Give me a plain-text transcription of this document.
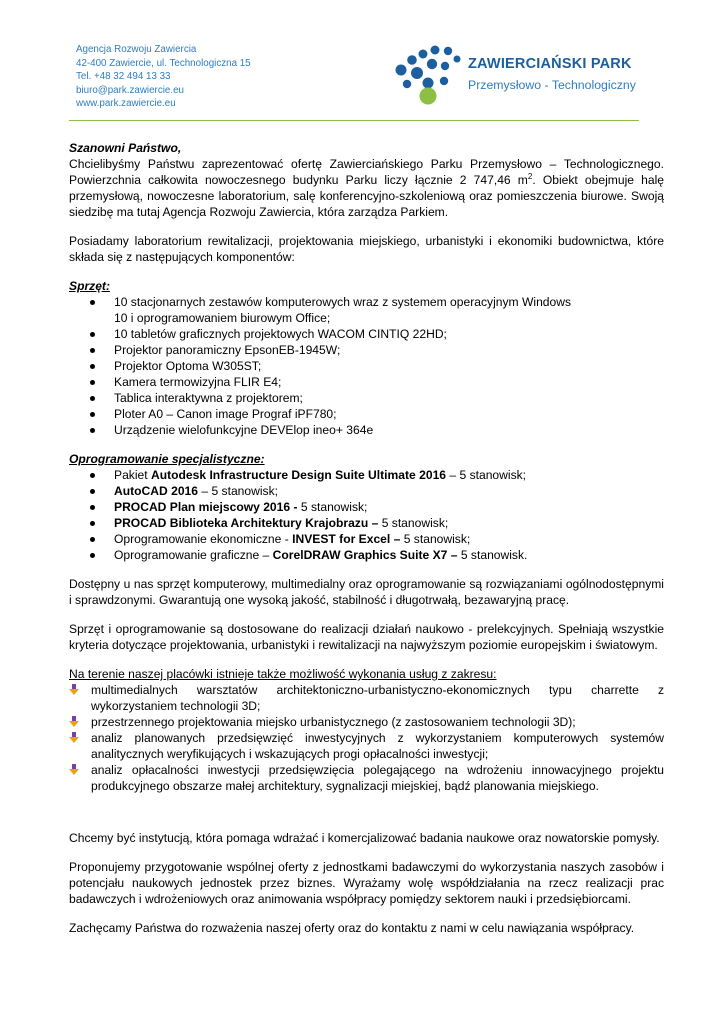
Agencja Rozwoju Zawiercia
42-400 Zawiercie, ul. Technologiczna 15
Tel. +48 32 494 13 33
biuro@park.zawiercie.eu
www.park.zawiercie.eu
ZAWIERCIAŃSKI PARK
Przemysłowo - Technologiczny

Szanowni Państwo,

Chcielibyśmy Państwu zaprezentować ofertę Zawierciańskiego Parku Przemysłowo – Technologicznego. Powierzchnia całkowita nowoczesnego budynku Parku liczy łącznie 2 747,46 $m^2$. Obiekt obejmuje halę przemysłową, nowoczesne laboratorium, salę konferencyjno-szkoleniową oraz pomieszczenia biurowe. Swoją siedzibę ma tutaj Agencja Rozwoju Zawiercia, która zarządza Parkiem.

Posiadamy laboratorium rewitalizacji, projektowania miejskiego, urbanistyki i ekonomiki budownictwa, które składa się z następujących komponentów:

Sprzęt:

10 stacjonarnych zestawów komputerowych wraz z systemem operacyjnym Windows 10 i oprogramowaniem biurowym Office;
10 tabletów graficznych projektowych WACOM CINTIQ 22HD;
Projektor panoramiczny EpsonEB-1945W;
Projektor Optoma W305ST;
Kamera termowizyjna FLIR E4;
Tablica interaktywna z projektorem;
Ploter A0 – Canon image Prograf iPF780;
Urządzenie wielofunkcyjne DEVElop ineo+ 364e

Oprogramowanie specjalistyczne:

Pakiet Autodesk Infrastructure Design Suite Ultimate 2016 – 5 stanowisk;
AutoCAD 2016 – 5 stanowisk;
PROCAD Plan miejscowy 2016 - 5 stanowisk;
PROCAD Biblioteka Architektury Krajobrazu – 5 stanowisk;
Oprogramowanie ekonomiczne - INVEST for Excel – 5 stanowisk;
Oprogramowanie graficzne – CorelDRAW Graphics Suite X7 – 5 stanowisk.

Dostępny u nas sprzęt komputerowy, multimedialny oraz oprogramowanie są rozwiązaniami ogólnodostępnymi i sprawdzonymi. Gwarantują one wysoką jakość, stabilność i długotrwałą, bezawaryjną pracę.

Sprzęt i oprogramowanie są dostosowane do realizacji działań naukowo - prelekcyjnych. Spełniają wszystkie kryteria dotyczące projektowania, urbanistyki i rewitalizacji na najwyższym poziomie europejskim i światowym.

Na terenie naszej placówki istnieje także możliwość wykonania usług z zakresu:

multimedialnych warsztatów architektoniczno-urbanistyczno-ekonomicznych typu charrette z wykorzystaniem technologii 3D;
przestrzennego projektowania miejsko urbanistycznego (z zastosowaniem technologii 3D);
analiz planowanych przedsięwzięć inwestycyjnych z wykorzystaniem komputerowych systemów analitycznych weryfikujących i wskazujących progi opłacalności inwestycji;
analiz opłacalności inwestycji przedsięwzięcia polegającego na wdrożeniu innowacyjnego projektu produkcyjnego obszarze małej architektury, sygnalizacji miejskiej, bądź planowania miejskiego.

Chcemy być instytucją, która pomaga wdrażać i komercjalizować badania naukowe oraz nowatorskie pomysły.

Proponujemy przygotowanie wspólnej oferty z jednostkami badawczymi do wykorzystania naszych zasobów i potencjału naukowych jednostek przez biznes. Wyrażamy wolę współdziałania na rzecz realizacji prac badawczych i wdrożeniowych oraz animowania współpracy pomiędzy sektorem nauki i przedsiębiorcami.

Zachęcamy Państwa do rozważenia naszej oferty oraz do kontaktu z nami w celu nawiązania współpracy.
